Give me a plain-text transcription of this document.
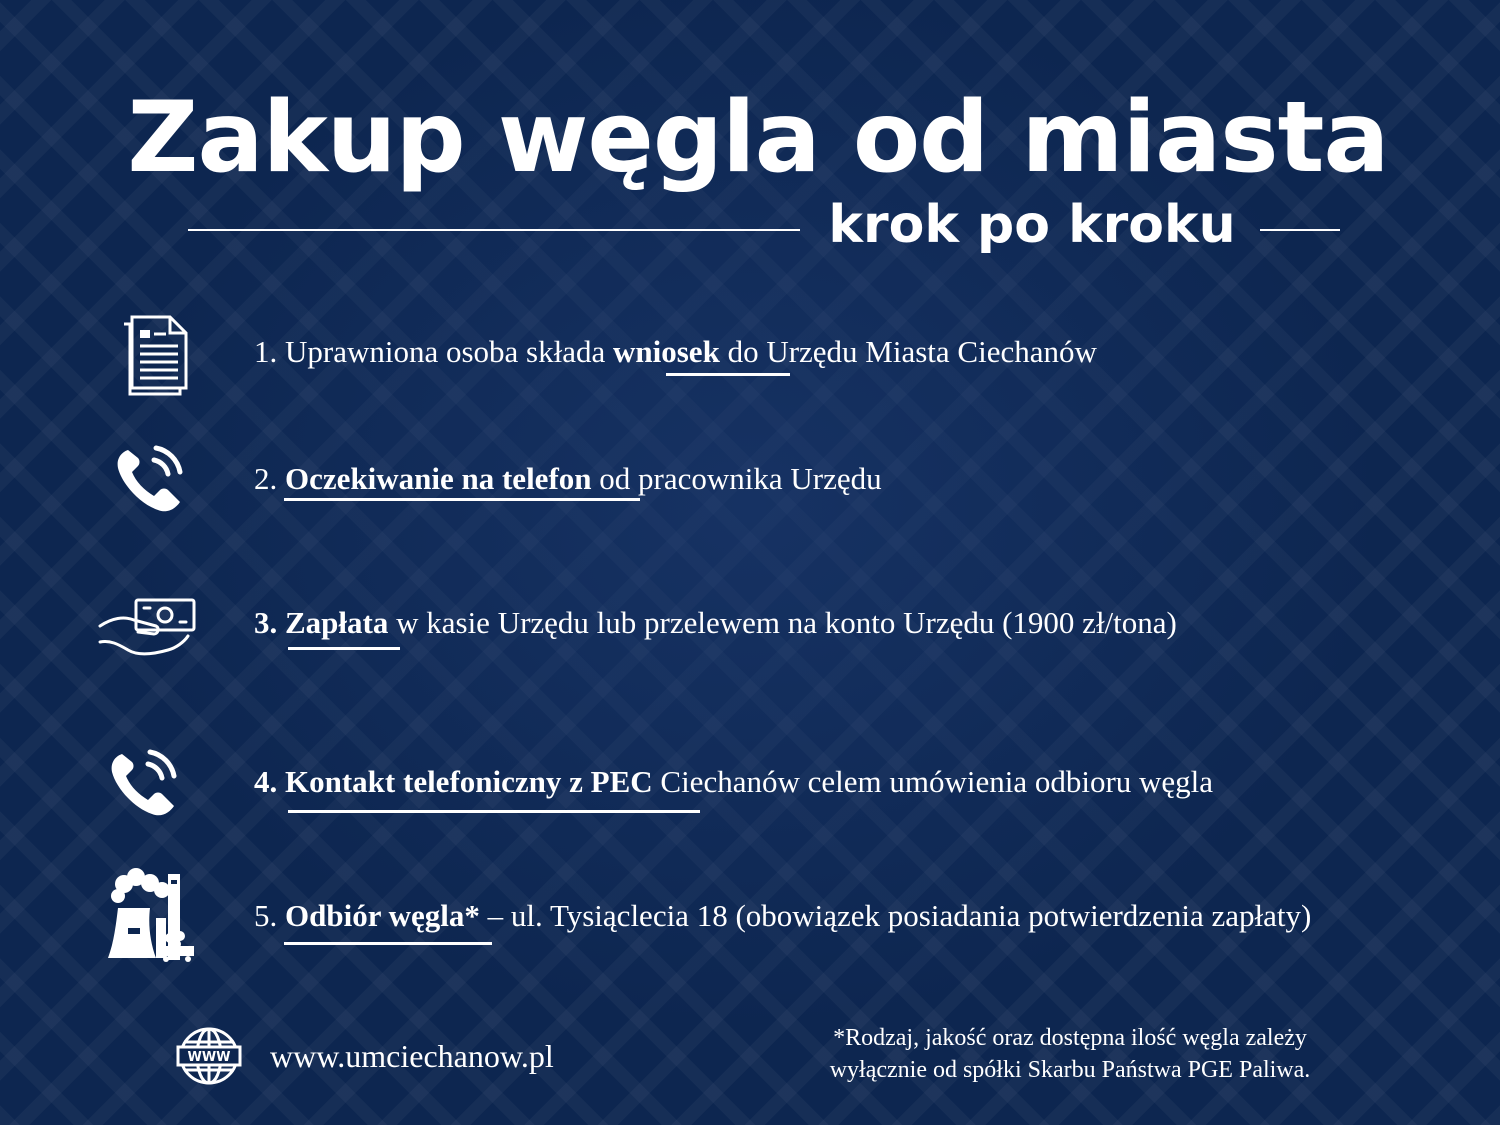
Zakup węgla od miasta
krok po kroku
1. Uprawniona osoba składa wniosek do Urzędu Miasta Ciechanów
2. Oczekiwanie na telefon od pracownika Urzędu
3. Zapłata w kasie Urzędu lub przelewem na konto Urzędu (1900 zł/tona)
4. Kontakt telefoniczny z PEC Ciechanów celem umówienia odbioru węgla
5. Odbiór węgla* – ul. Tysiąclecia 18 (obowiązek posiadania potwierdzenia zapłaty)
WWW www.umciechanow.pl	*Rodzaj, jakość oraz dostępna ilość węgla zależy
wyłącznie od spółki Skarbu Państwa PGE Paliwa.
